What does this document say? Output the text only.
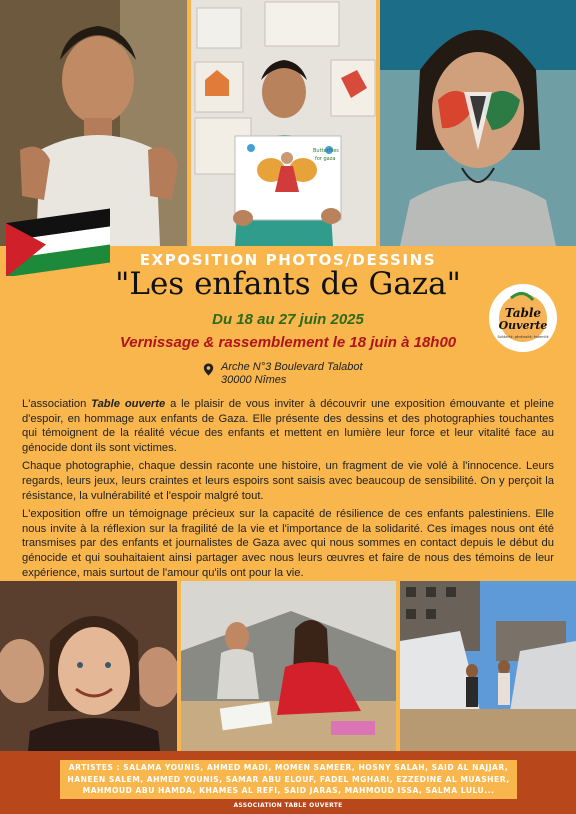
Butterflies
for gaza
EXPOSITION PHOTOS/DESSINS
"Les enfants de Gaza"
Du 18 au 27 juin 2025
Vernissage & rassemblement le 18 juin à 18h00
Table
Ouverte
Solidarité, générosité, fraternité
Arche N°3 Boulevard Talabot
30000 Nîmes

L'association Table ouverte a le plaisir de vous inviter à découvrir une exposition émouvante et pleine d'espoir, en hommage aux enfants de Gaza. Elle présente des dessins et des photographies touchantes qui témoignent de la réalité vécue des enfants et mettent en lumière leur force et leur vitalité face au génocide dont ils sont victimes.

Chaque photographie, chaque dessin raconte une histoire, un fragment de vie volé à l'innocence. Leurs regards, leurs jeux, leurs craintes et leurs espoirs sont saisis avec beaucoup de sensibilité. On y perçoit la résistance, la vulnérabilité et l'espoir malgré tout.

L'exposition offre un témoignage précieux sur la capacité de résilience de ces enfants palestiniens. Elle nous invite à la réflexion sur la fragilité de la vie et l'importance de la solidarité. Ces images nous ont été transmises par des enfants et journalistes de Gaza avec qui nous sommes en contact depuis le début du génocide et qui souhaitaient ainsi partager avec nous leurs œuvres et faire de nous des témoins de leur expérience, mais surtout de l'amour qu'ils ont pour la vie.

ARTISTES : SALAMA YOUNIS, AHMED MADI, MOMEN SAMEER, HOSNY SALAH, SAID AL NAJJAR,
HANEEN SALEM, AHMED YOUNIS, SAMAR ABU ELOUF, FADEL MGHARI, EZZEDINE AL MUASHER,
MAHMOUD ABU HAMDA, KHAMES AL REFI, SAID JARAS, MAHMOUD ISSA, SALMA LULU...
ASSOCIATION TABLE OUVERTE
